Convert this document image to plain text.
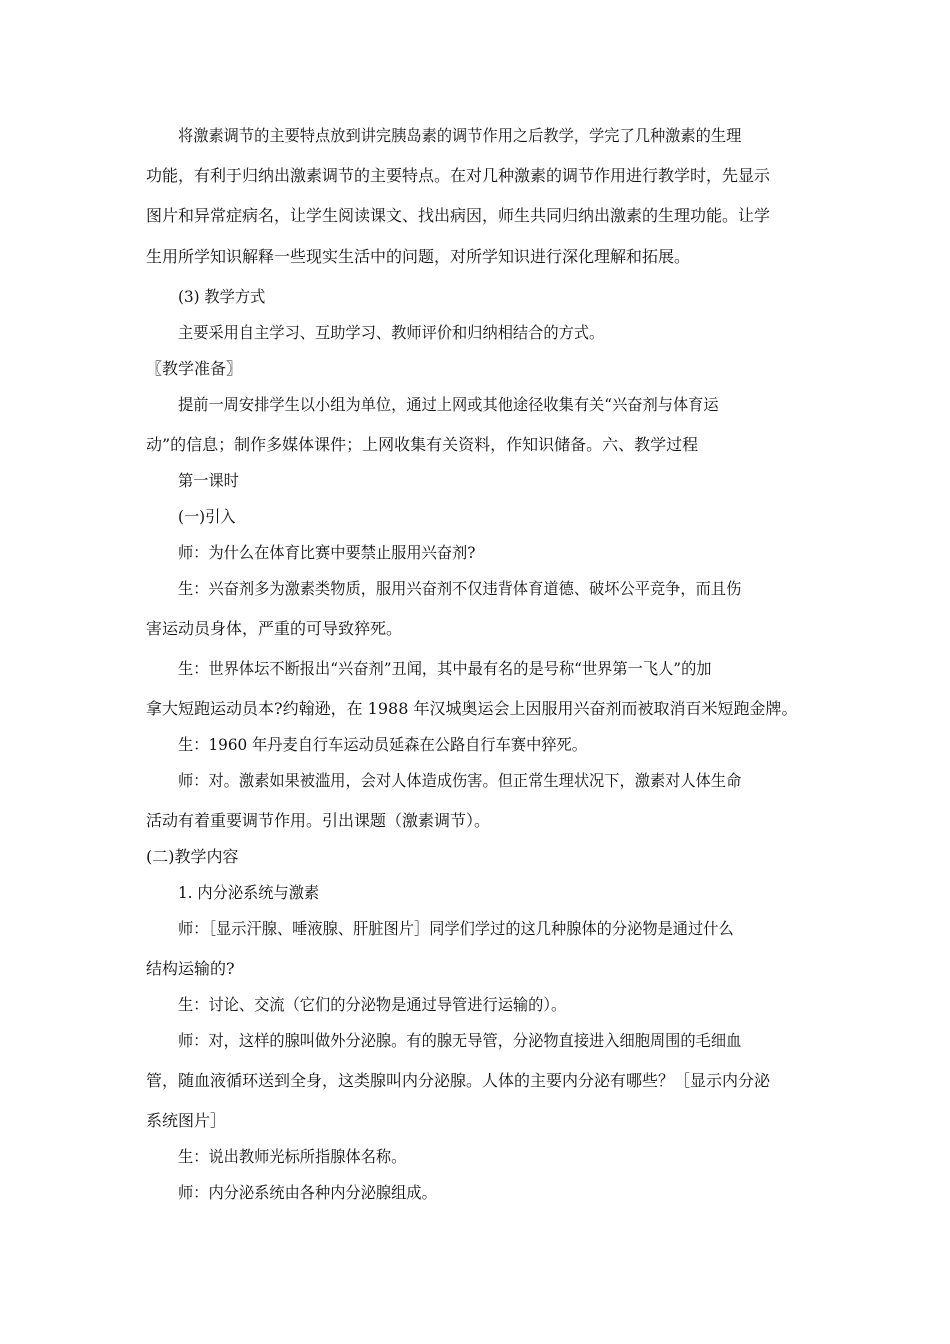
将激素调节的主要特点放到讲完胰岛素的调节作用之后教学，学完了几种激素的生理
功能，有利于归纳出激素调节的主要特点。在对几种激素的调节作用进行教学时，先显示
图片和异常症病名，让学生阅读课文、找出病因，师生共同归纳出激素的生理功能。让学
生用所学知识解释一些现实生活中的问题，对所学知识进行深化理解和拓展。
(3) 教学方式
主要采用自主学习、互助学习、教师评价和归纳相结合的方式。
〖教学准备〗
提前一周安排学生以小组为单位，通过上网或其他途径收集有关“兴奋剂与体育运
动”的信息；制作多媒体课件；上网收集有关资料，作知识储备。六、教学过程
第一课时
(一)引入
师：为什么在体育比赛中要禁止服用兴奋剂?
生：兴奋剂多为激素类物质，服用兴奋剂不仅违背体育道德、破坏公平竞争，而且伤
害运动员身体，严重的可导致猝死。
生：世界体坛不断报出“兴奋剂”丑闻，其中最有名的是号称“世界第一飞人”的加
拿大短跑运动员本?约翰逊，在 1988 年汉城奥运会上因服用兴奋剂而被取消百米短跑金牌。
生：1960 年丹麦自行车运动员延森在公路自行车赛中猝死。
师：对。激素如果被滥用，会对人体造成伤害。但正常生理状况下，激素对人体生命
活动有着重要调节作用。引出课题（激素调节）。
(二)教学内容
1. 内分泌系统与激素
师：［显示汗腺、唾液腺、肝脏图片］同学们学过的这几种腺体的分泌物是通过什么
结构运输的?
生：讨论、交流（它们的分泌物是通过导管进行运输的）。
师：对，这样的腺叫做外分泌腺。有的腺无导管，分泌物直接进入细胞周围的毛细血
管，随血液循环送到全身，这类腺叫内分泌腺。人体的主要内分泌有哪些？［显示内分泌
系统图片］
生：说出教师光标所指腺体名称。
师：内分泌系统由各种内分泌腺组成。
